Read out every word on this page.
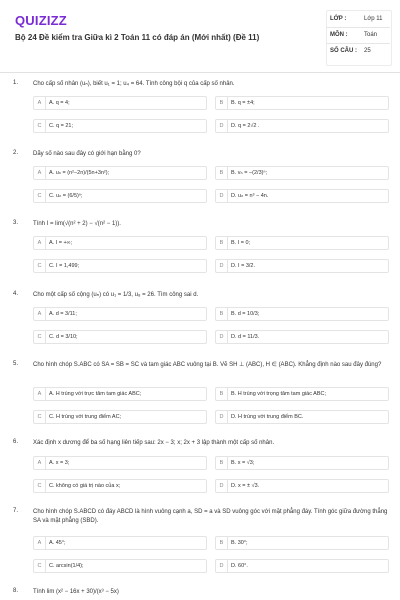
QUIZIZZ
Bộ 24 Đề kiểm tra Giữa kì 2 Toán 11 có đáp án (Mới nhất) (Đề 11)
LỚP :	Lớp 11
MÔN :	Toán
SỐ CÂU : 25
1. Cho cấp số nhân (uₙ), biết u₁ = 1; u₄ = 64. Tính công bội q của cấp số nhân.
A	A. q = 4;	B	B. q = ±4;
C	C. q = 21;	D	D. q = 2√2 .
2. Dãy số nào sau đây có giới hạn bằng 0?
A	A. uₙ = (n²−2n)/(5n+3n²);	B	B. vₙ = −(2/3)ⁿ;
C	C. uₙ = (6/5)ⁿ;	D	D. uₙ = n³ − 4n.
3. Tính I = lim(√(n² + 2) − √(n² − 1)).
A	A. I = +∞;	B	B. I = 0;
C	C. I = 1,499;	D	D. I = 3/2.
4. Cho một cấp số cộng (uₙ) có u₁ = 1/3, u₈ = 26. Tìm công sai d.
A	A. d = 3/11;	B	B. d = 10/3;
C	C. d = 3/10;	D	D. d = 11/3.
5. Cho hình chóp S.ABC có SA = SB = SC và tam giác ABC vuông tại B. Vẽ SH ⊥ (ABC), H ∈ (ABC). Khẳng định nào sau đây đúng?
A	A. H trùng với trực tâm tam giác ABC;	B	B. H trùng với trọng tâm tam giác ABC;
C	C. H trùng với trung điểm AC;	D	D. H trùng với trung điểm BC.
6. Xác định x dương để ba số hạng liên tiếp sau: 2x − 3; x; 2x + 3 lập thành một cấp số nhân.
A	A. x = 3;	B	B. x = √3;
C	C. không có giá trị nào của x;	D	D. x = ± √3.
7. Cho hình chóp S.ABCD có đáy ABCD là hình vuông cạnh a, SD = a và SD vuông góc với mặt phẳng đáy. Tính góc giữa đường thẳng SA và mặt phẳng (SBD).
A	A. 45°;	B	B. 30°;
C	C. arcsin(1/4);	D	D. 60°.
8. Tính lim (x² − 16x + 30)/(x³ − 5x)
